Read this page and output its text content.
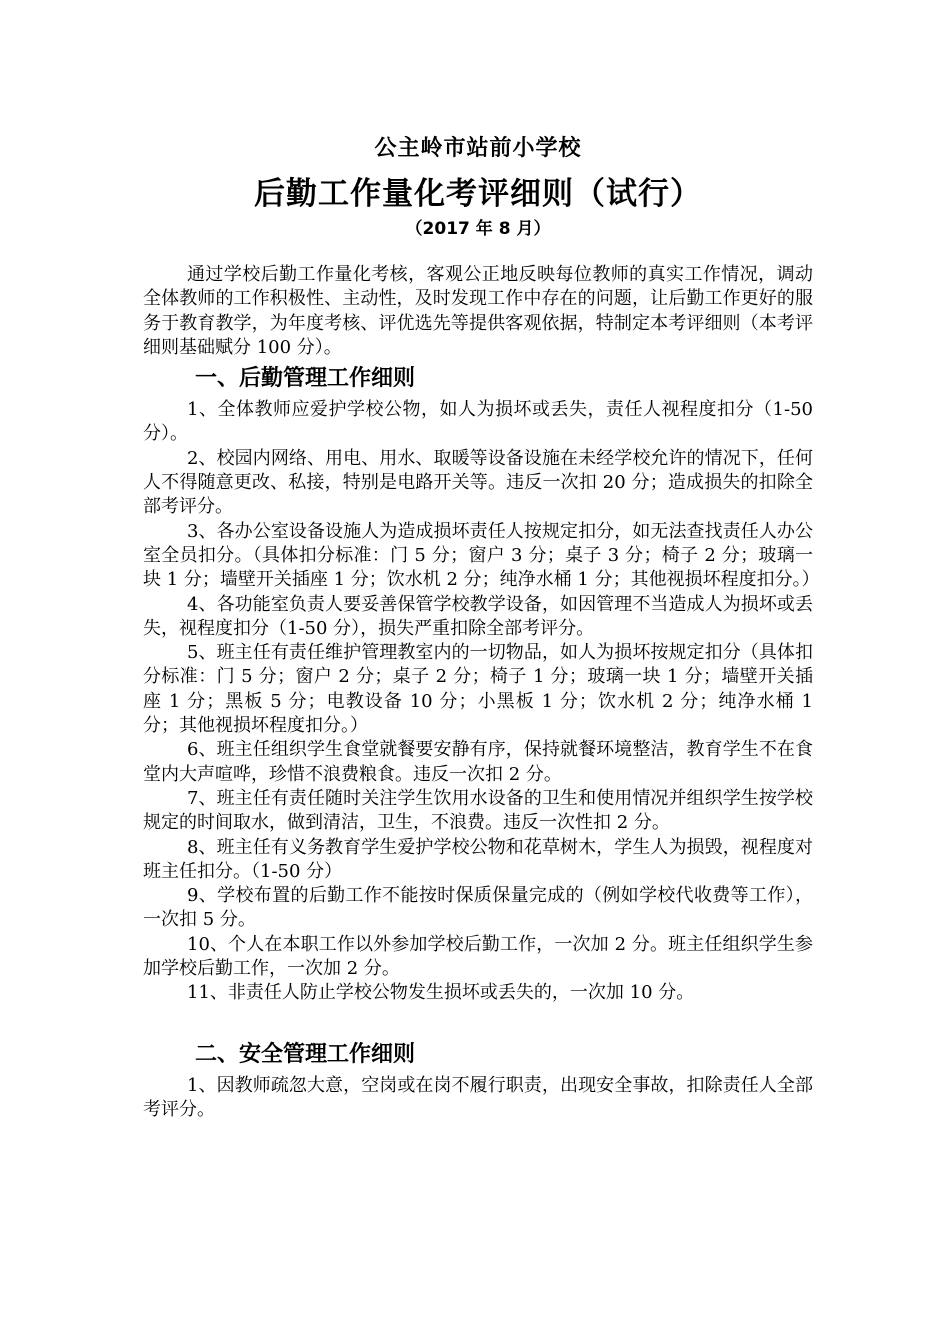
公主岭市站前小学校
后勤工作量化考评细则（试行）
（2017 年 8 月）

通过学校后勤工作量化考核，客观公正地反映每位教师的真实工作情况，调动全体教师的工作积极性、主动性，及时发现工作中存在的问题，让后勤工作更好的服务于教育教学，为年度考核、评优选先等提供客观依据，特制定本考评细则（本考评细则基础赋分 100 分）。

一、后勤管理工作细则

1、全体教师应爱护学校公物，如人为损坏或丢失，责任人视程度扣分（1-50 分）。

2、校园内网络、用电、用水、取暖等设备设施在未经学校允许的情况下，任何人不得随意更改、私接，特别是电路开关等。违反一次扣 20 分；造成损失的扣除全部考评分。

3、各办公室设备设施人为造成损坏责任人按规定扣分，如无法查找责任人办公室全员扣分。（具体扣分标准：门 5 分；窗户 3 分；桌子 3 分；椅子 2 分；玻璃一块 1 分；墙壁开关插座 1 分；饮水机 2 分；纯净水桶 1 分；其他视损坏程度扣分。）

4、各功能室负责人要妥善保管学校教学设备，如因管理不当造成人为损坏或丢失，视程度扣分（1-50 分），损失严重扣除全部考评分。

5、班主任有责任维护管理教室内的一切物品，如人为损坏按规定扣分（具体扣分标准：门 5 分；窗户 2 分；桌子 2 分；椅子 1 分；玻璃一块 1 分；墙壁开关插座 1 分；黑板 5 分；电教设备 10 分；小黑板 1 分；饮水机 2 分；纯净水桶 1 分；其他视损坏程度扣分。）

6、班主任组织学生食堂就餐要安静有序，保持就餐环境整洁，教育学生不在食堂内大声喧哗，珍惜不浪费粮食。违反一次扣 2 分。

7、班主任有责任随时关注学生饮用水设备的卫生和使用情况并组织学生按学校规定的时间取水，做到清洁，卫生，不浪费。违反一次性扣 2 分。

8、班主任有义务教育学生爱护学校公物和花草树木，学生人为损毁，视程度对班主任扣分。（1-50 分）

9、学校布置的后勤工作不能按时保质保量完成的（例如学校代收费等工作），一次扣 5 分。

10、个人在本职工作以外参加学校后勤工作，一次加 2 分。班主任组织学生参加学校后勤工作，一次加 2 分。

11、非责任人防止学校公物发生损坏或丢失的，一次加 10 分。

二、安全管理工作细则

1、因教师疏忽大意，空岗或在岗不履行职责，出现安全事故，扣除责任人全部考评分。
